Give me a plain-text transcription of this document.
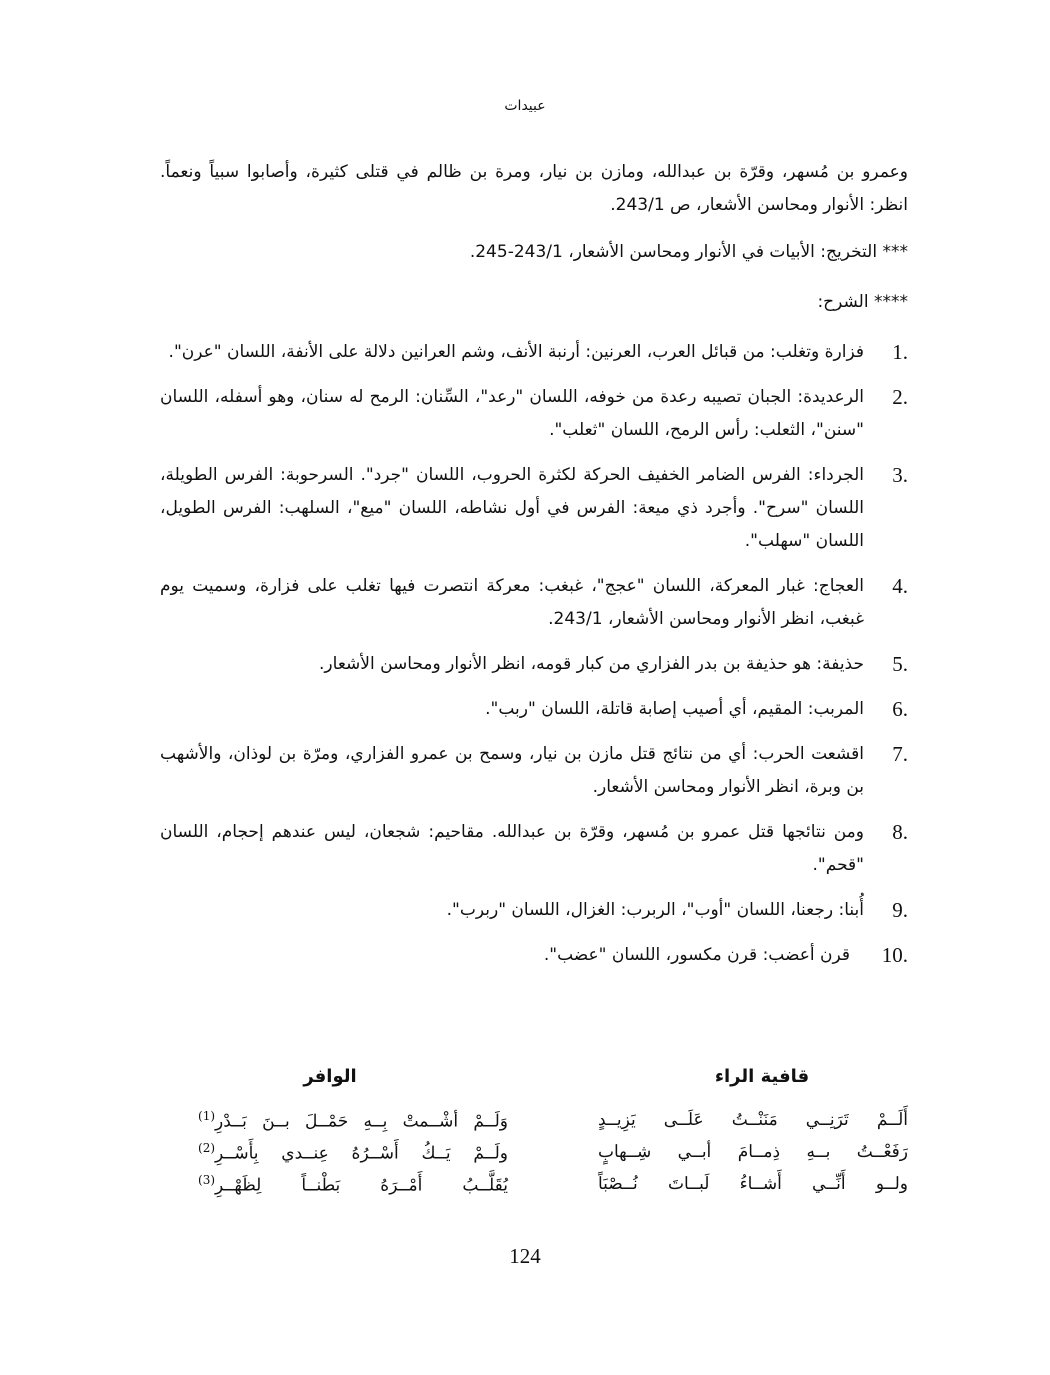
عبيدات
وعمرو بن مُسهر، وقرّة بن عبدالله، ومازن بن نيار، ومرة بن ظالم في قتلى كثيرة، وأصابوا سبياً ونعماً. انظر: الأنوار ومحاسن الأشعار، ص 243/1.
*** التخريج: الأبيات في الأنوار ومحاسن الأشعار، 243/1-245.
**** الشرح:
1.
فزارة وتغلب: من قبائل العرب، العرنين: أرنبة الأنف، وشم العرانين دلالة على الأنفة، اللسان "عرن".
2.
الرعديدة: الجبان تصيبه رعدة من خوفه، اللسان "رعد"، السِّنان: الرمح له سنان، وهو أسفله، اللسان "سنن"، الثعلب: رأس الرمح، اللسان "ثعلب".
3.
الجرداء: الفرس الضامر الخفيف الحركة لكثرة الحروب، اللسان "جرد". السرحوبة: الفرس الطويلة، اللسان "سرح". وأجرد ذي ميعة: الفرس في أول نشاطه، اللسان "ميع"، السلهب: الفرس الطويل، اللسان "سهلب".
4.
العجاج: غبار المعركة، اللسان "عجج"، غبغب: معركة انتصرت فيها تغلب على فزارة، وسميت يوم غبغب، انظر الأنوار ومحاسن الأشعار، 243/1.
5.
حذيفة: هو حذيفة بن بدر الفزاري من كبار قومه، انظر الأنوار ومحاسن الأشعار.
6.
المربب: المقيم، أي أصيب إصابة قاتلة، اللسان "ربب".
7.
اقشعت الحرب: أي من نتائج قتل مازن بن نيار، وسمح بن عمرو الفزاري، ومرّة بن لوذان، والأشهب بن وبرة، انظر الأنوار ومحاسن الأشعار.
8.
ومن نتائجها قتل عمرو بن مُسهر، وقرّة بن عبدالله. مقاحيم: شجعان، ليس عندهم إحجام، اللسان "قحم".
9.
أُبنا: رجعنا، اللسان "أوب"، الربرب: الغزال، اللسان "ربرب".
10.
قرن أعضب: قرن مكسور، اللسان "عضب".
قافية الراء
الوافر
أَلَــمْ تَرَنِــي مَنَنْــتُ عَلَــى يَزِيــدٍ
وَلَــمْ أشْــمتْ بِــهِ حَمْــلَ بــنَ بَــدْرِ(1)
رَفَعْــتُ بــهِ ذِمــامَ أبــي شِــهابٍ
ولَــمْ يَــكُ أَسْــرُهُ عِنــدي بِأَسْــرِ(2)
ولــو أَنِّــي أَشــاءُ لَبــاتَ نُــصْبَاً
يُقَلَّــبُ أَمْــرَهُ بَطْنــاً لِظَهْــرِ(3)
124
